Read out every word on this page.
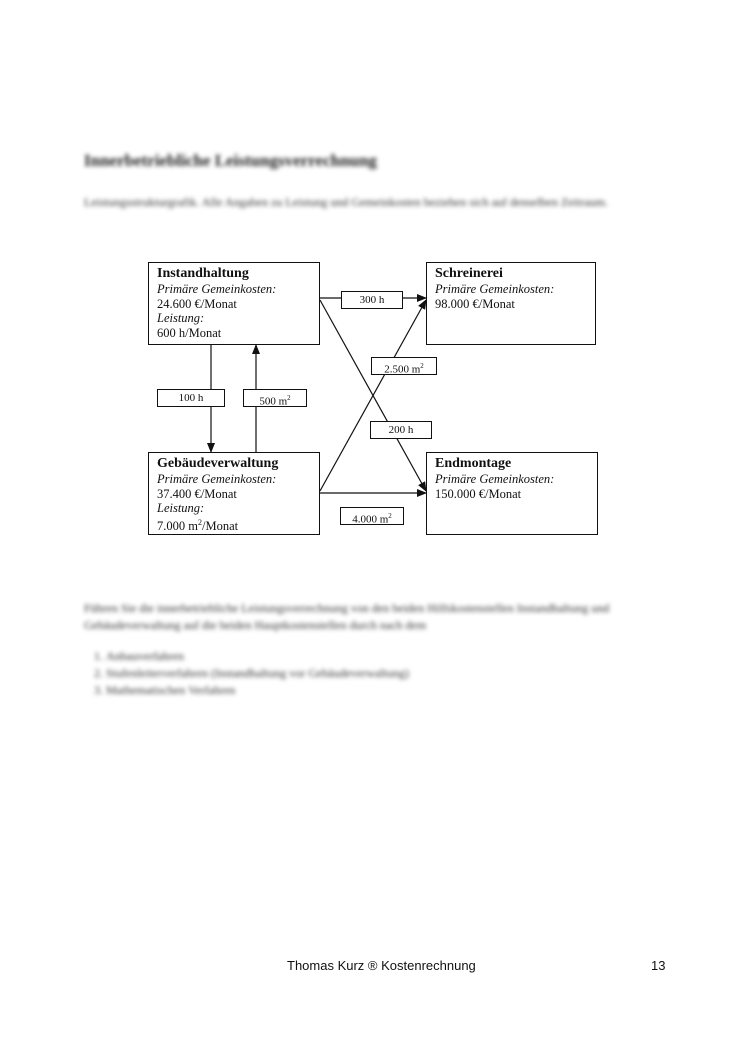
Innerbetriebliche Leistungsverrechnung
Leistungsstrukturgrafik. Alle Angaben zu Leistung und Gemeinkosten beziehen sich auf denselben Zeitraum.
Instandhaltung
Primäre Gemeinkosten:
24.600 €/Monat
Leistung:
600 h/Monat
Gebäudeverwaltung
Primäre Gemeinkosten:
37.400 €/Monat
Leistung:
7.000 $m^2$/Monat
Schreinerei
Primäre Gemeinkosten:
98.000 €/Monat
Endmontage
Primäre Gemeinkosten:
150.000 €/Monat
300 h
2.500 $m^2$
200 h
4.000 $m^2$
100 h	500 $m^2$
Führen Sie die innerbetriebliche Leistungsverrechnung von den beiden Hilfskostenstellen Instandhaltung und Gebäudeverwaltung auf die beiden Hauptkostenstellen durch nach dem
1. Anbauverfahren
2. Stufenleiterverfahren (Instandhaltung vor Gebäudeverwaltung)
3. Mathematischen Verfahren
Thomas Kurz ® Kostenrechnung	13
